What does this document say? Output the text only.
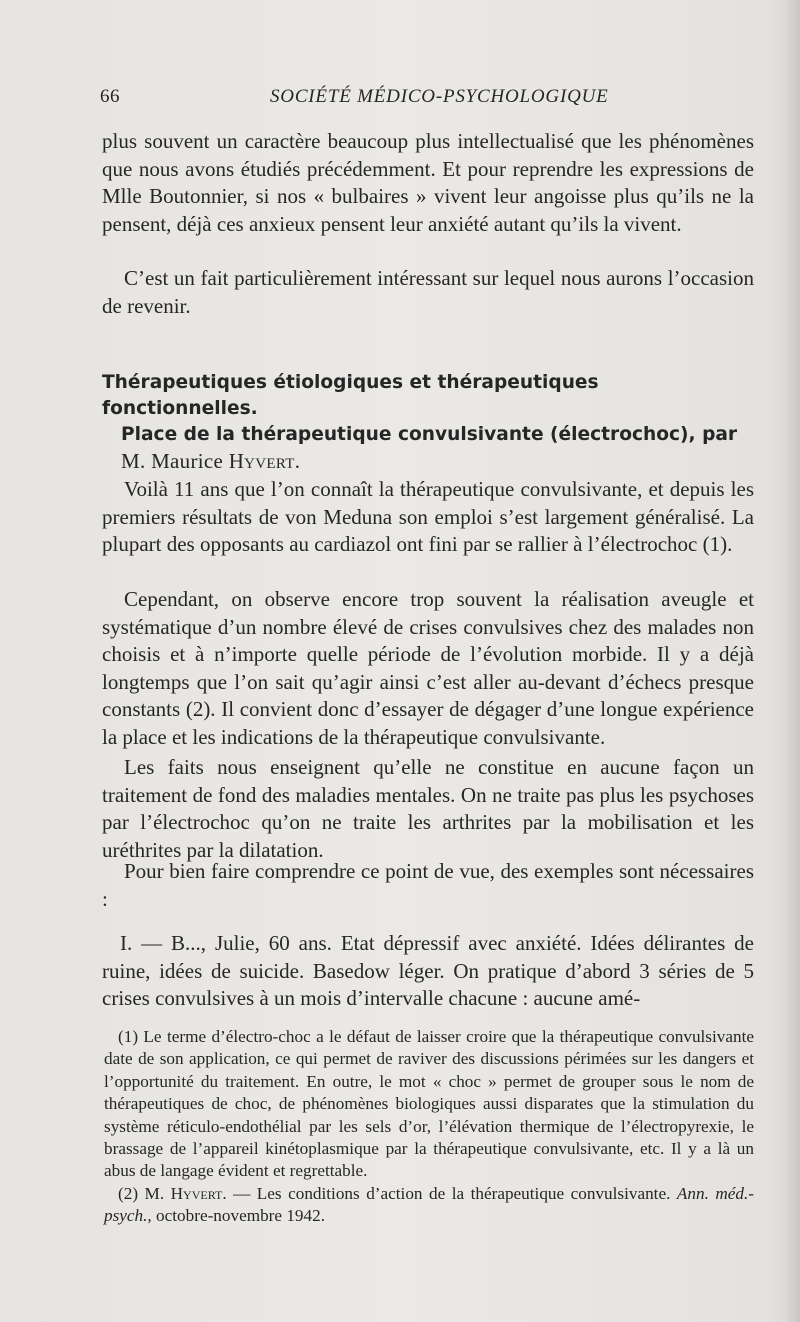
66	SOCIÉTÉ MÉDICO-PSYCHOLOGIQUE

plus souvent un caractère beaucoup plus intellectualisé que les phénomènes que nous avons étudiés précédemment. Et pour reprendre les expressions de Mlle Boutonnier, si nos « bulbaires » vivent leur angoisse plus qu’ils ne la pensent, déjà ces anxieux pensent leur anxiété autant qu’ils la vivent.

C’est un fait particulièrement intéressant sur lequel nous aurons l’occasion de revenir.

Thérapeutiques étiologiques et thérapeutiques fonctionnelles.
Place de la thérapeutique convulsivante (électrochoc), par
M. Maurice Hyvert.

Voilà 11 ans que l’on connaît la thérapeutique convulsivante, et depuis les premiers résultats de von Meduna son emploi s’est largement généralisé. La plupart des opposants au cardiazol ont fini par se rallier à l’électrochoc (1).

Cependant, on observe encore trop souvent la réalisation aveugle et systématique d’un nombre élevé de crises convulsives chez des malades non choisis et à n’importe quelle période de l’évolution morbide. Il y a déjà longtemps que l’on sait qu’agir ainsi c’est aller au-devant d’échecs presque constants (2). Il convient donc d’essayer de dégager d’une longue expérience la place et les indications de la thérapeutique convulsivante.

Les faits nous enseignent qu’elle ne constitue en aucune façon un traitement de fond des maladies mentales. On ne traite pas plus les psychoses par l’électrochoc qu’on ne traite les arthrites par la mobilisation et les uréthrites par la dilatation.

Pour bien faire comprendre ce point de vue, des exemples sont nécessaires :

I. — B..., Julie, 60 ans. Etat dépressif avec anxiété. Idées délirantes de ruine, idées de suicide. Basedow léger. On pratique d’abord 3 séries de 5 crises convulsives à un mois d’intervalle chacune : aucune amé-

(1) Le terme d’électro-choc a le défaut de laisser croire que la thérapeutique convulsivante date de son application, ce qui permet de raviver des discussions périmées sur les dangers et l’opportunité du traitement. En outre, le mot « choc » permet de grouper sous le nom de thérapeutiques de choc, de phénomènes biologiques aussi disparates que la stimulation du système réticulo-endothélial par les sels d’or, l’élévation thermique de l’électropyrexie, le brassage de l’appareil kinétoplasmique par la thérapeutique convulsivante, etc. Il y a là un abus de langage évident et regrettable.

(2) M. Hyvert. — Les conditions d’action de la thérapeutique convulsivante. Ann. méd.-psych., octobre-novembre 1942.
